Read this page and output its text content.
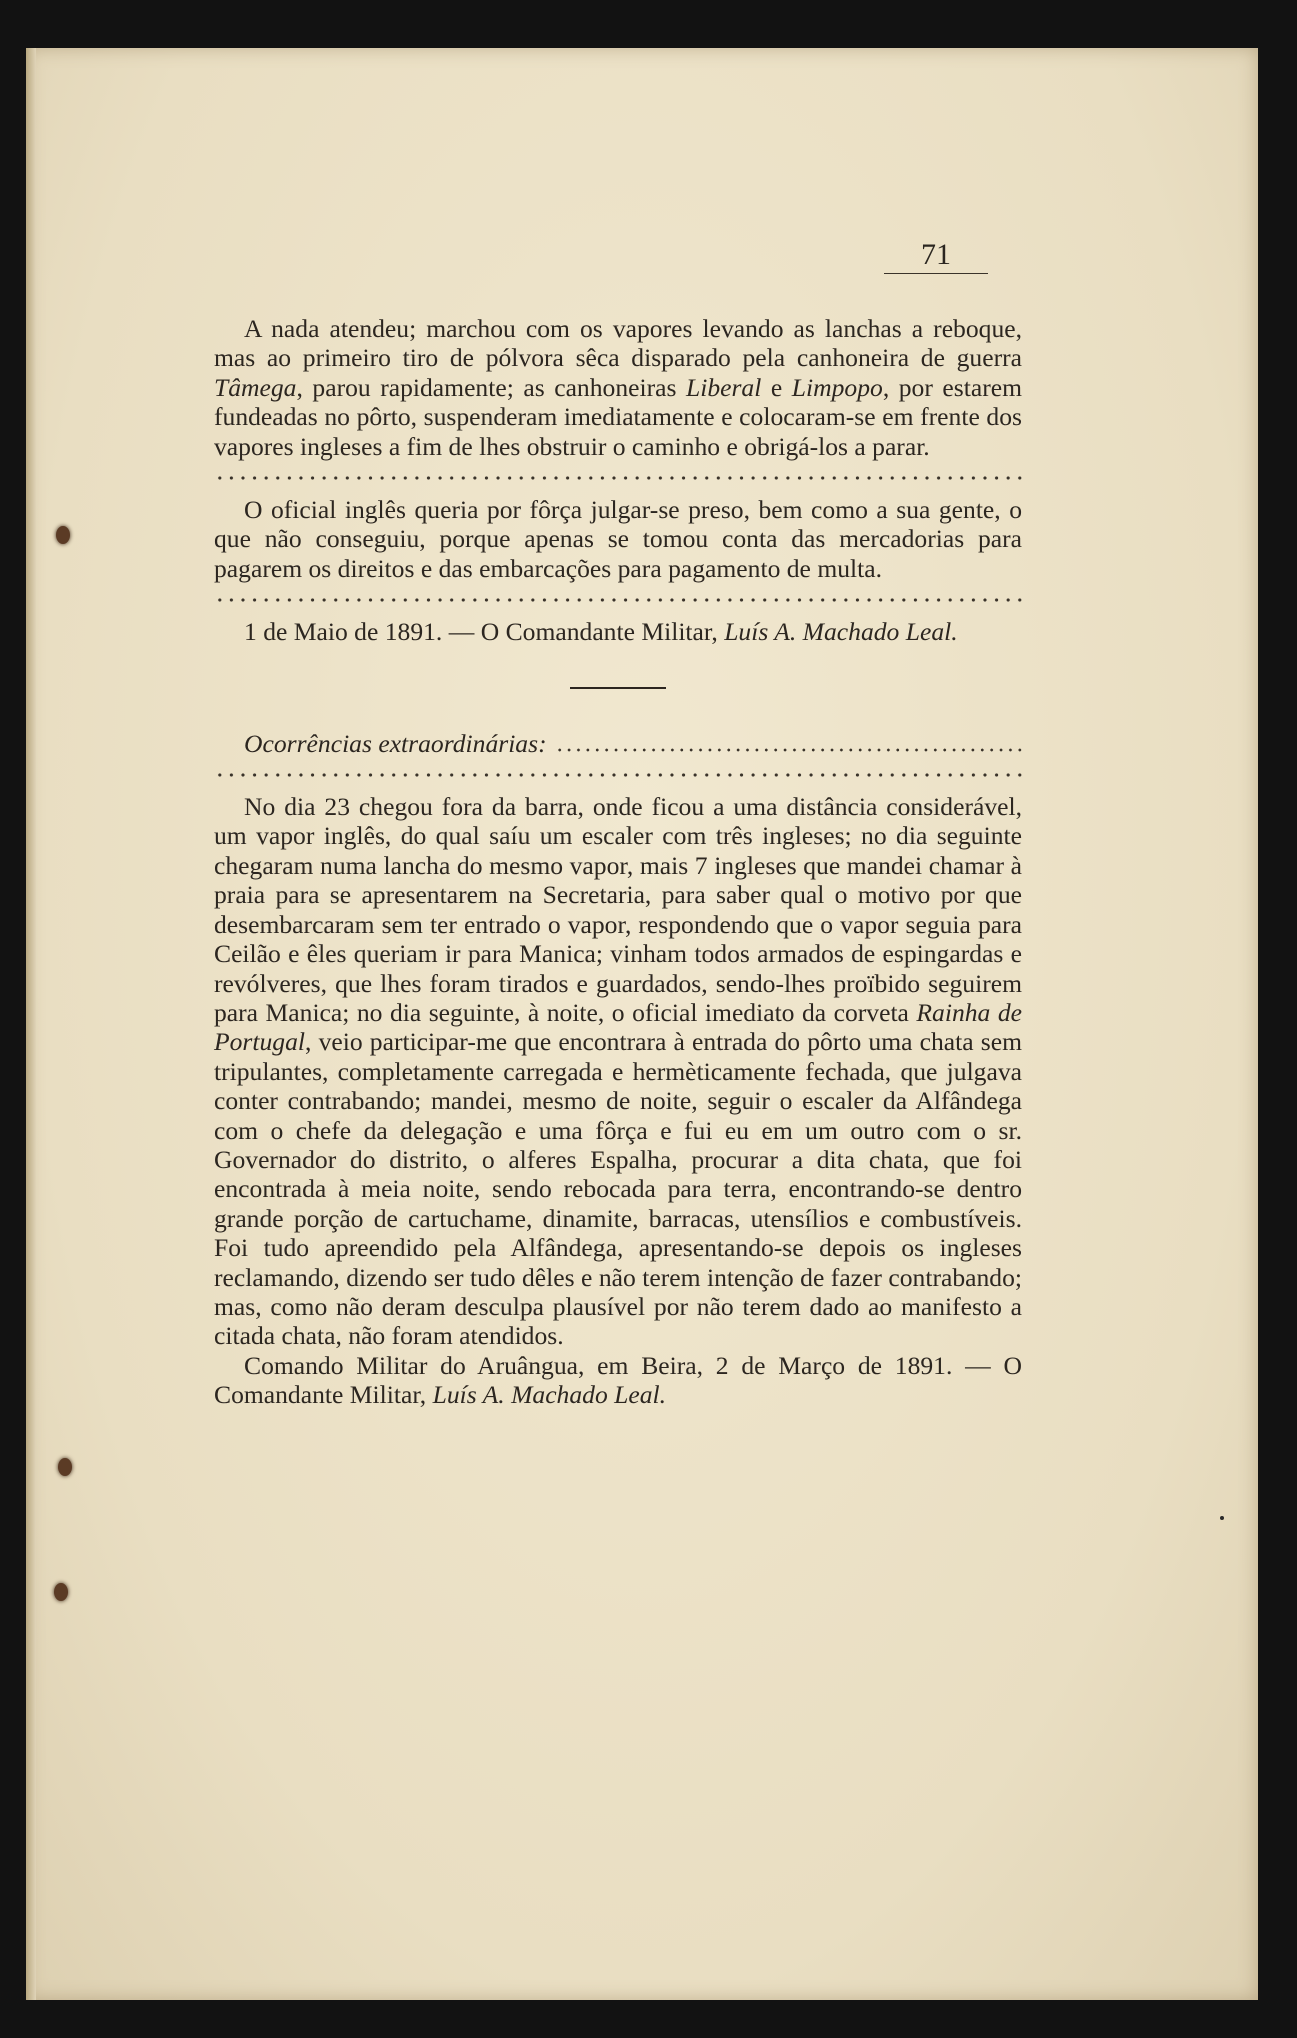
71

A nada atendeu; marchou com os vapores levando as lanchas a reboque, mas ao primeiro tiro de pólvora sêca disparado pela canhoneira de guerra Tâmega, parou rapidamente; as canhoneiras Liberal e Limpopo, por estarem fundeadas no pôrto, suspenderam imediatamente e colocaram-se em frente dos vapores ingleses a fim de lhes obstruir o caminho e obrigá-los a parar.

O oficial inglês queria por fôrça julgar-se preso, bem como a sua gente, o que não conseguiu, porque apenas se tomou conta das mercadorias para pagarem os direitos e das embarcações para pagamento de multa.

1 de Maio de 1891. — O Comandante Militar, Luís A. Machado Leal.

Ocorrências extraordinárias:

No dia 23 chegou fora da barra, onde ficou a uma distância considerável, um vapor inglês, do qual saíu um escaler com três ingleses; no dia seguinte chegaram numa lancha do mesmo vapor, mais 7 ingleses que mandei chamar à praia para se apresentarem na Secretaria, para saber qual o motivo por que desembarcaram sem ter entrado o vapor, respondendo que o vapor seguia para Ceilão e êles queriam ir para Manica; vinham todos armados de espingardas e revólveres, que lhes foram tirados e guardados, sendo-lhes proïbido seguirem para Manica; no dia seguinte, à noite, o oficial imediato da corveta Rainha de Portugal, veio participar-me que encontrara à entrada do pôrto uma chata sem tripulantes, completamente carregada e hermèticamente fechada, que julgava conter contrabando; mandei, mesmo de noite, seguir o escaler da Alfândega com o chefe da delegação e uma fôrça e fui eu em um outro com o sr. Governador do distrito, o alferes Espalha, procurar a dita chata, que foi encontrada à meia noite, sendo rebocada para terra, encontrando-se dentro grande porção de cartuchame, dinamite, barracas, utensílios e combustíveis. Foi tudo apreendido pela Alfândega, apresentando-se depois os ingleses reclamando, dizendo ser tudo dêles e não terem intenção de fazer contrabando; mas, como não deram desculpa plausível por não terem dado ao manifesto a citada chata, não foram atendidos.

Comando Militar do Aruângua, em Beira, 2 de Março de 1891. — O Comandante Militar, Luís A. Machado Leal.
